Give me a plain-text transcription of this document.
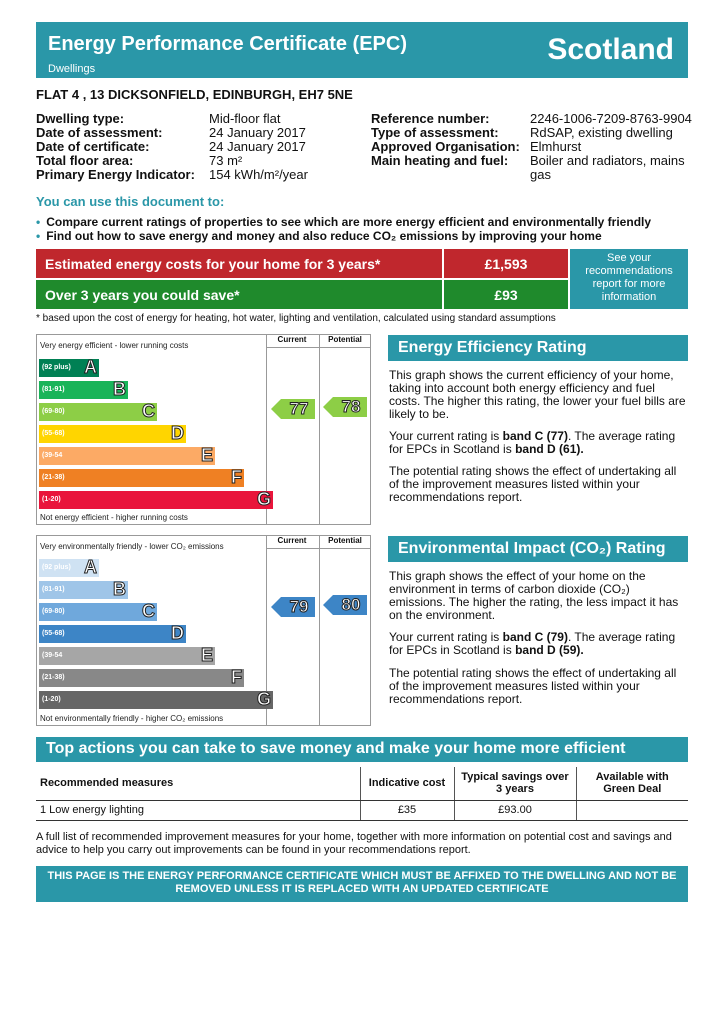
Energy Performance Certificate (EPC)
Dwellings
Scotland
FLAT 4 , 13 DICKSONFIELD, EDINBURGH, EH7 5NE
Dwelling type:	Mid-floor flat
Date of assessment:	24 January 2017
Date of certificate:	24 January 2017
Total floor area:	73 m²
Primary Energy Indicator: 154 kWh/m²/year
Reference number:	2246-1006-7209-8763-9904
Type of assessment: RdSAP, existing dwelling
Approved Organisation: Elmhurst
Main heating and fuel: Boiler and radiators, mains
gas
You can use this document to:
• Compare current ratings of properties to see which are more energy efficient and environmentally friendly
• Find out how to save energy and money and also reduce CO₂ emissions by improving your home
Estimated energy costs for your home for 3 years*	£1,593
Over 3 years you could save*	£93
See your recommendations report for more information
* based upon the cost of energy for heating, hot water, lighting and ventilation, calculated using standard assumptions
Very energy efficient - lower running costs
Current	Potential
(92 plus) A
(81-91)	B
(69-80)	C
(55-68)	D
(39-54	E
(21-38)	F
(1-20)	G
77	78
Not energy efficient - higher running costs
Very environmentally friendly - lower CO₂ emissions
Current	Potential
(92 plus) A
(81-91)	B
(69-80)	C
(55-68)	D
(39-54	E
(21-38)	F
(1-20)	G
79	80
Not environmentally friendly - higher CO₂ emissions
Energy Efficiency Rating
This graph shows the current efficiency of your home, taking into account both energy efficiency and fuel costs. The higher this rating, the lower your fuel bills are likely to be.
Your current rating is band C (77). The average rating for EPCs in Scotland is band D (61).
The potential rating shows the effect of undertaking all of the improvement measures listed within your recommendations report.
Environmental Impact (CO₂) Rating
This graph shows the effect of your home on the environment in terms of carbon dioxide (CO₂) emissions. The higher the rating, the less impact it has on the environment.
Your current rating is band C (79). The average rating for EPCs in Scotland is band D (59).
The potential rating shows the effect of undertaking all of the improvement measures listed within your recommendations report.
Top actions you can take to save money and make your home more efficient
Recommended measures	Indicative cost	Typical savings over 3 years	Available with Green Deal
1 Low energy lighting	£35	£93.00	
A full list of recommended improvement measures for your home, together with more information on potential cost and savings and advice to help you carry out improvements can be found in your recommendations report.
THIS PAGE IS THE ENERGY PERFORMANCE CERTIFICATE WHICH MUST BE AFFIXED TO THE DWELLING AND NOT BE REMOVED UNLESS IT IS REPLACED WITH AN UPDATED CERTIFICATE
